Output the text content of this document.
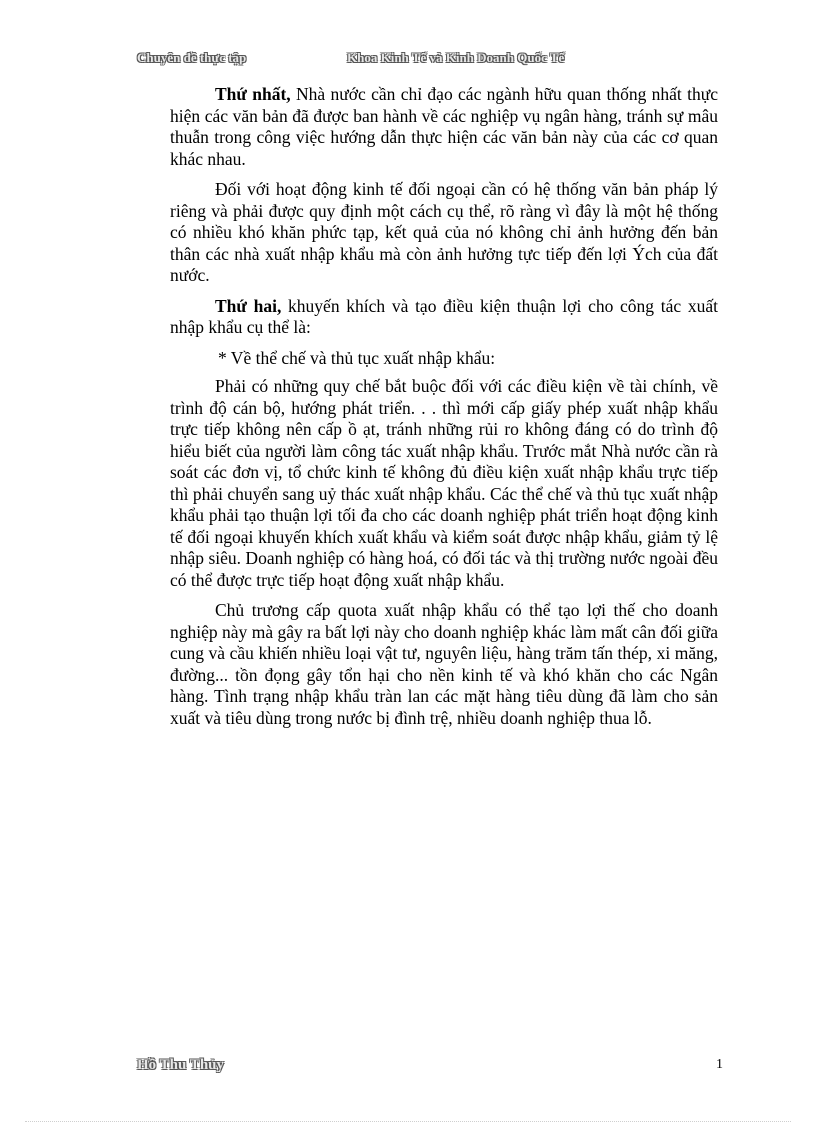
Chuyên đề thực tập	Khoa Kinh Tế và Kinh Doanh Quốc Tế

Thứ nhất, Nhà nước cần chỉ đạo các ngành hữu quan thống nhất thực hiện các văn bản đã được ban hành về các nghiệp vụ ngân hàng, tránh sự mâu thuẫn trong công việc hướng dẫn thực hiện các văn bản này của các cơ quan khác nhau.

Đối với hoạt động kinh tế đối ngoại cần có hệ thống văn bản pháp lý riêng và phải được quy định một cách cụ thể, rõ ràng vì đây là một hệ thống có nhiều khó khăn phức tạp, kết quả của nó không chỉ ảnh hưởng đến bản thân các nhà xuất nhập khẩu mà còn ảnh hưởng tực tiếp đến lợi Ých của đất nước.

Thứ hai, khuyến khích và tạo điều kiện thuận lợi cho công tác xuất nhập khẩu cụ thể là:

* Về thể chế và thủ tục xuất nhập khẩu:

Phải có những quy chế bắt buộc đối với các điều kiện về tài chính, về trình độ cán bộ, hướng phát triển. . . thì mới cấp giấy phép xuất nhập khẩu trực tiếp không nên cấp ồ ạt, tránh những rủi ro không đáng có do trình độ hiểu biết của người làm công tác xuất nhập khẩu. Trước mắt Nhà nước cần rà soát các đơn vị, tổ chức kinh tế không đủ điều kiện xuất nhập khẩu trực tiếp thì phải chuyển sang uỷ thác xuất nhập khẩu. Các thể chế và thủ tục xuất nhập khẩu phải tạo thuận lợi tối đa cho các doanh nghiệp phát triển hoạt động kinh tế đối ngoại khuyến khích xuất khẩu và kiểm soát được nhập khẩu, giảm tỷ lệ nhập siêu. Doanh nghiệp có hàng hoá, có đối tác và thị trường nước ngoài đều có thể được trực tiếp hoạt động xuất nhập khẩu.

Chủ trương cấp quota xuất nhập khẩu có thể tạo lợi thế cho doanh nghiệp này mà gây ra bất lợi này cho doanh nghiệp khác làm mất cân đối giữa cung và cầu khiến nhiều loại vật tư, nguyên liệu, hàng trăm tấn thép, xi măng, đường... tồn đọng gây tổn hại cho nền kinh tế và khó khăn cho các Ngân hàng. Tình trạng nhập khẩu tràn lan các mặt hàng tiêu dùng đã làm cho sản xuất và tiêu dùng trong nước bị đình trệ, nhiều doanh nghiệp thua lỗ.

Hồ Thu Thủy	1
